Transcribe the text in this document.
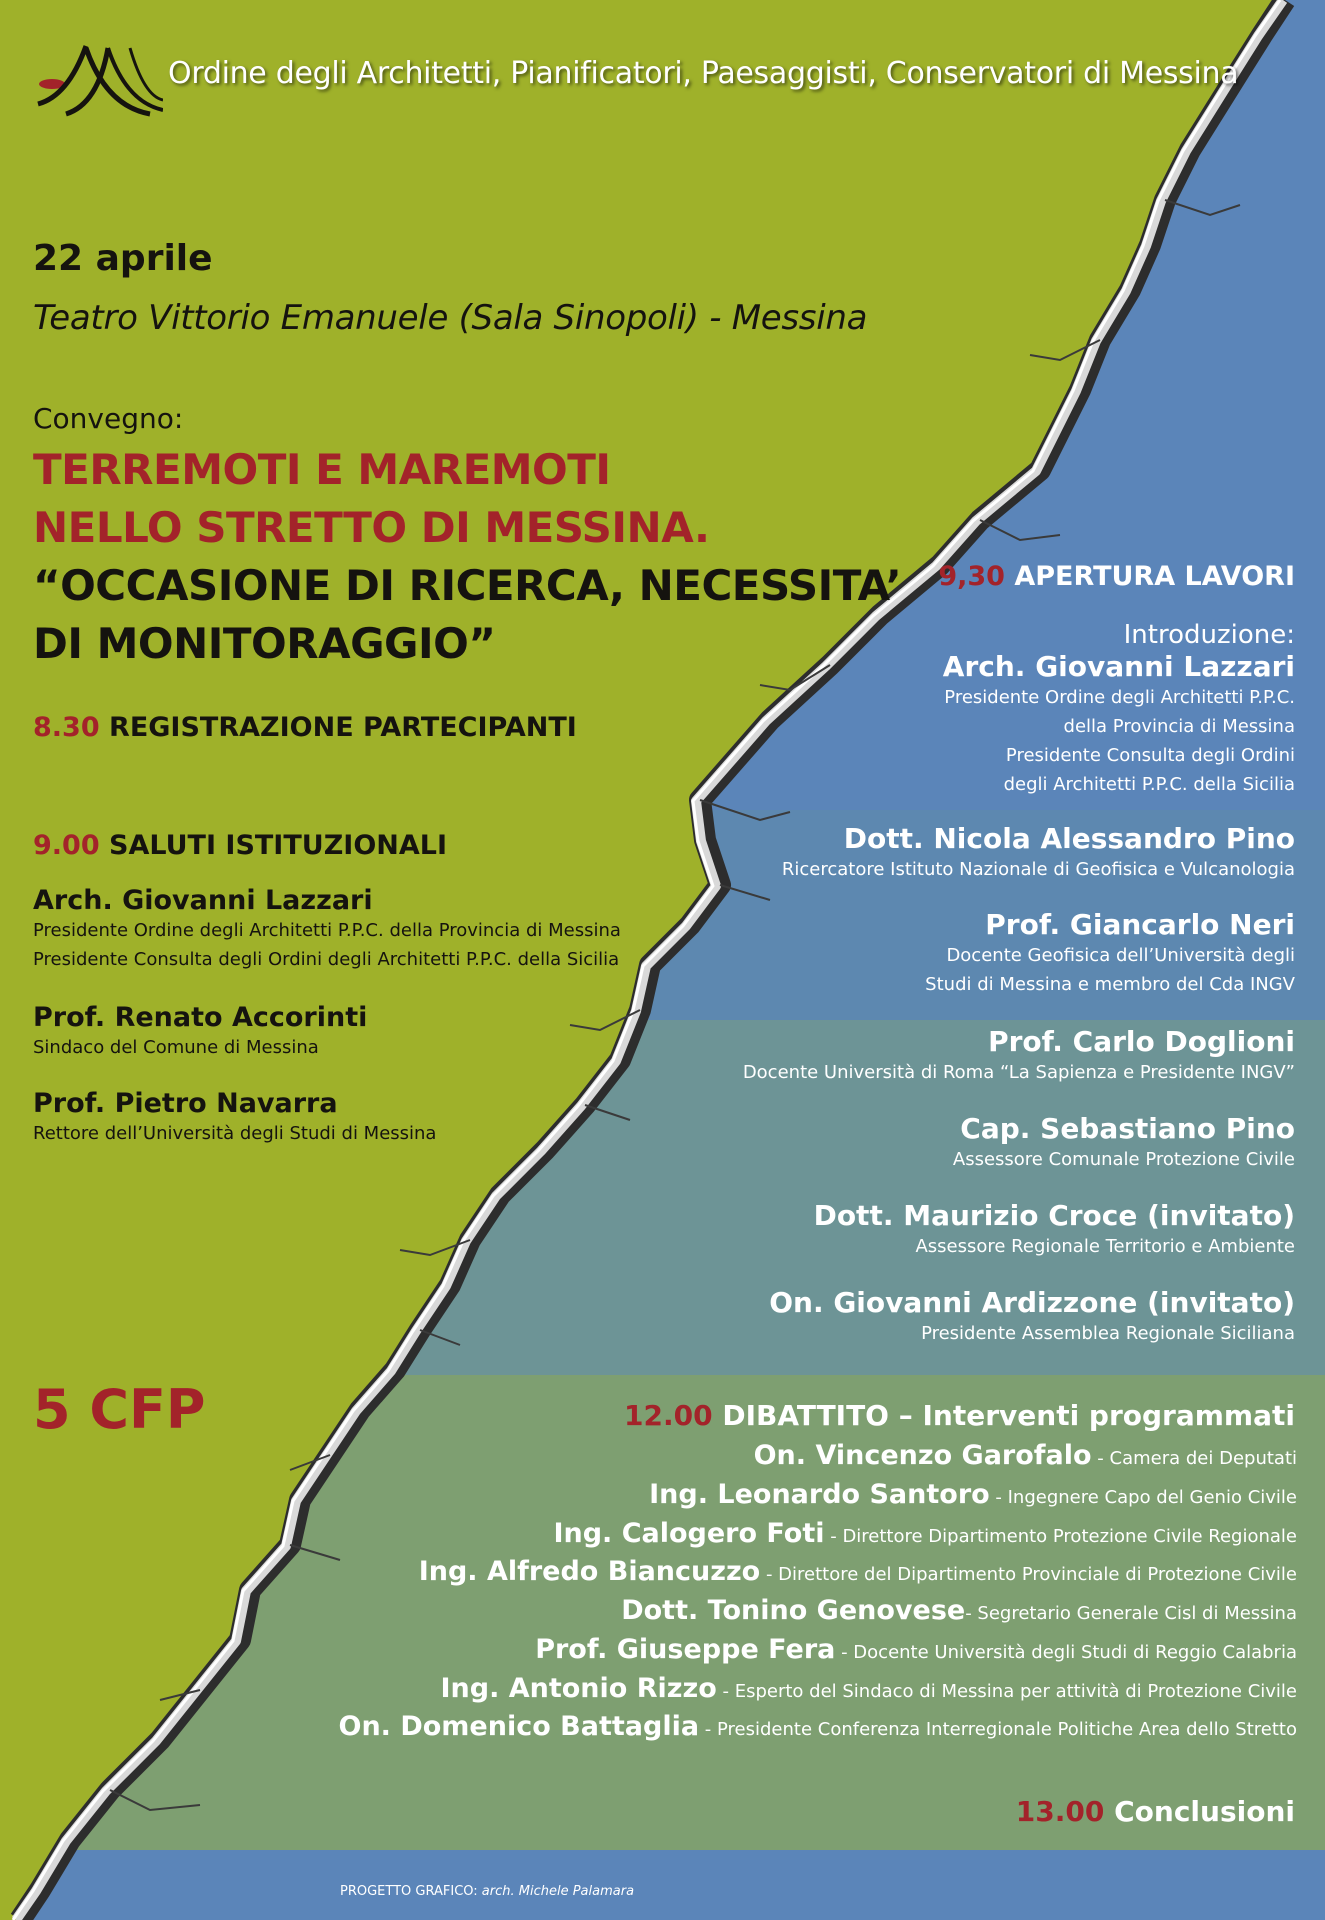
Ordine degli Architetti, Pianificatori, Paesaggisti, Conservatori di Messina
22 aprile
Teatro Vittorio Emanuele (Sala Sinopoli) - Messina
Convegno:
TERREMOTI E MAREMOTI
NELLO STRETTO DI MESSINA.
“OCCASIONE DI RICERCA, NECESSITA’
DI MONITORAGGIO”
8.30 REGISTRAZIONE PARTECIPANTI
9.00 SALUTI ISTITUZIONALI
Arch. Giovanni Lazzari
Presidente Ordine degli Architetti P.P.C. della Provincia di Messina
Presidente Consulta degli Ordini degli Architetti P.P.C. della Sicilia
Prof. Renato Accorinti
Sindaco del Comune di Messina
Prof. Pietro Navarra
Rettore dell’Università degli Studi di Messina
5 CFP
9,30 APERTURA LAVORI
Introduzione:
Arch. Giovanni Lazzari
Presidente Ordine degli Architetti P.P.C.
della Provincia di Messina
Presidente Consulta degli Ordini
degli Architetti P.P.C. della Sicilia
Dott. Nicola Alessandro Pino
Ricercatore Istituto Nazionale di Geofisica e Vulcanologia
Prof. Giancarlo Neri
Docente Geofisica dell’Università degli
Studi di Messina e membro del Cda INGV
Prof. Carlo Doglioni
Docente Università di Roma “La Sapienza e Presidente INGV”
Cap. Sebastiano Pino
Assessore Comunale Protezione Civile
Dott. Maurizio Croce (invitato)
Assessore Regionale Territorio e Ambiente
On. Giovanni Ardizzone (invitato)
Presidente Assemblea Regionale Siciliana
12.00 DIBATTITO – Interventi programmati
On. Vincenzo Garofalo - Camera dei Deputati
Ing. Leonardo Santoro - Ingegnere Capo del Genio Civile
Ing. Calogero Foti - Direttore Dipartimento Protezione Civile Regionale
Ing. Alfredo Biancuzzo - Direttore del Dipartimento Provinciale di Protezione Civile
Dott. Tonino Genovese- Segretario Generale Cisl di Messina
Prof. Giuseppe Fera - Docente Università degli Studi di Reggio Calabria
Ing. Antonio Rizzo - Esperto del Sindaco di Messina per attività di Protezione Civile
On. Domenico Battaglia - Presidente Conferenza Interregionale Politiche Area dello Stretto
13.00 Conclusioni
PROGETTO GRAFICO: arch. Michele Palamara
